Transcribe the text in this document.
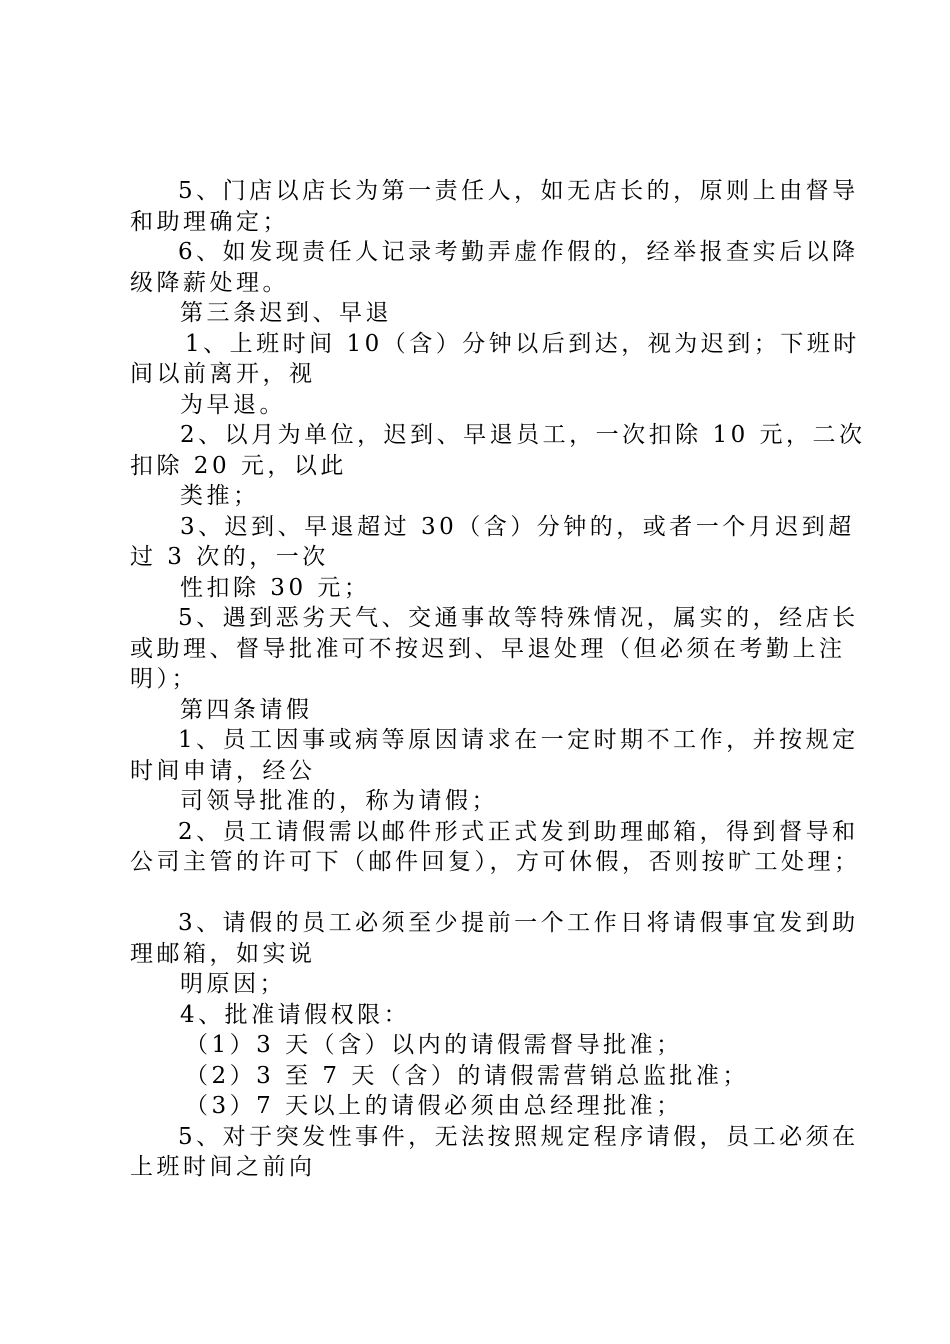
5、门店以店长为第一责任人，如无店长的，原则上由督导
和助理确定；
6、如发现责任人记录考勤弄虚作假的，经举报查实后以降
级降薪处理。
第三条迟到、早退
1、上班时间 10（含）分钟以后到达，视为迟到；下班时
间以前离开，视
为早退。
2、以月为单位，迟到、早退员工，一次扣除 10 元，二次
扣除 20 元，以此
类推；
3、迟到、早退超过 30（含）分钟的，或者一个月迟到超
过 3 次的，一次
性扣除 30 元；
5、遇到恶劣天气、交通事故等特殊情况，属实的，经店长
或助理、督导批准可不按迟到、早退处理（但必须在考勤上注
明）；
第四条请假
1、员工因事或病等原因请求在一定时期不工作，并按规定
时间申请，经公
司领导批准的，称为请假；
2、员工请假需以邮件形式正式发到助理邮箱，得到督导和
公司主管的许可下（邮件回复），方可休假，否则按旷工处理；
3、请假的员工必须至少提前一个工作日将请假事宜发到助
理邮箱，如实说
明原因；
4、批准请假权限：
（1）3 天（含）以内的请假需督导批准；
（2）3 至 7 天（含）的请假需营销总监批准；
（3）7 天以上的请假必须由总经理批准；
5、对于突发性事件，无法按照规定程序请假，员工必须在
上班时间之前向
